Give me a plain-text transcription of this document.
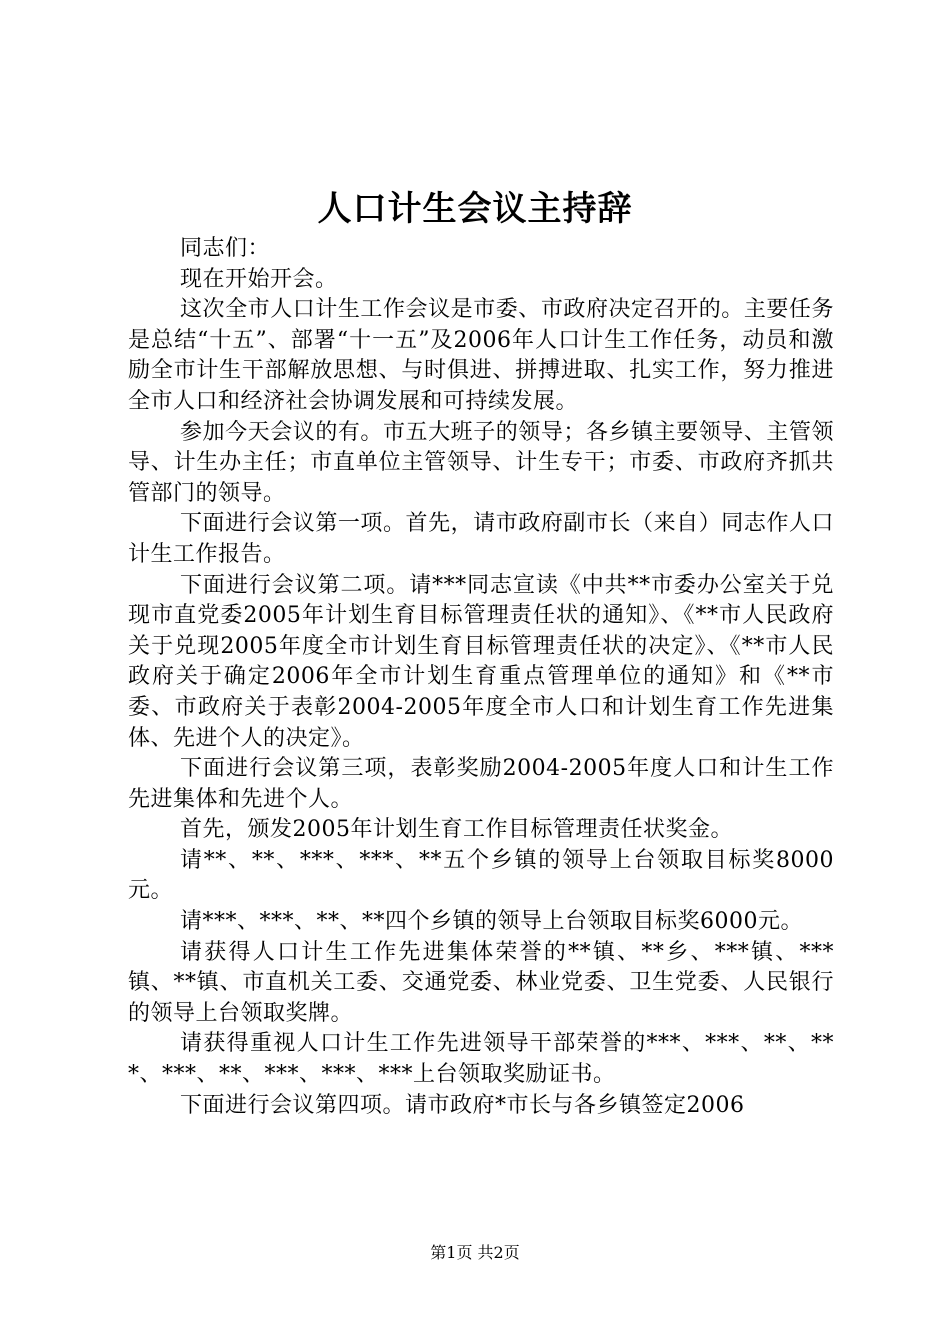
人口计生会议主持辞

同志们：

现在开始开会。

这次全市人口计生工作会议是市委、市政府决定召开的。主要任务是总结“十五”、部署“十一五”及2006年人口计生工作任务，动员和激励全市计生干部解放思想、与时俱进、拼搏进取、扎实工作，努力推进全市人口和经济社会协调发展和可持续发展。

参加今天会议的有。市五大班子的领导；各乡镇主要领导、主管领导、计生办主任；市直单位主管领导、计生专干；市委、市政府齐抓共管部门的领导。

下面进行会议第一项。首先，请市政府副市长（来自）同志作人口计生工作报告。

下面进行会议第二项。请***同志宣读《中共**市委办公室关于兑现市直党委2005年计划生育目标管理责任状的通知》、《**市人民政府关于兑现2005年度全市计划生育目标管理责任状的决定》、《**市人民政府关于确定2006年全市计划生育重点管理单位的通知》和《**市委、市政府关于表彰2004-2005年度全市人口和计划生育工作先进集体、先进个人的决定》。

下面进行会议第三项，表彰奖励2004-2005年度人口和计生工作先进集体和先进个人。

首先，颁发2005年计划生育工作目标管理责任状奖金。

请**、**、***、***、**五个乡镇的领导上台领取目标奖8000元。

请***、***、**、**四个乡镇的领导上台领取目标奖6000元。

请获得人口计生工作先进集体荣誉的**镇、**乡、***镇、***镇、**镇、市直机关工委、交通党委、林业党委、卫生党委、人民银行的领导上台领取奖牌。

请获得重视人口计生工作先进领导干部荣誉的***、***、**、***、***、**、***、***、***上台领取奖励证书。

下面进行会议第四项。请市政府*市长与各乡镇签定2006

第1页 共2页
